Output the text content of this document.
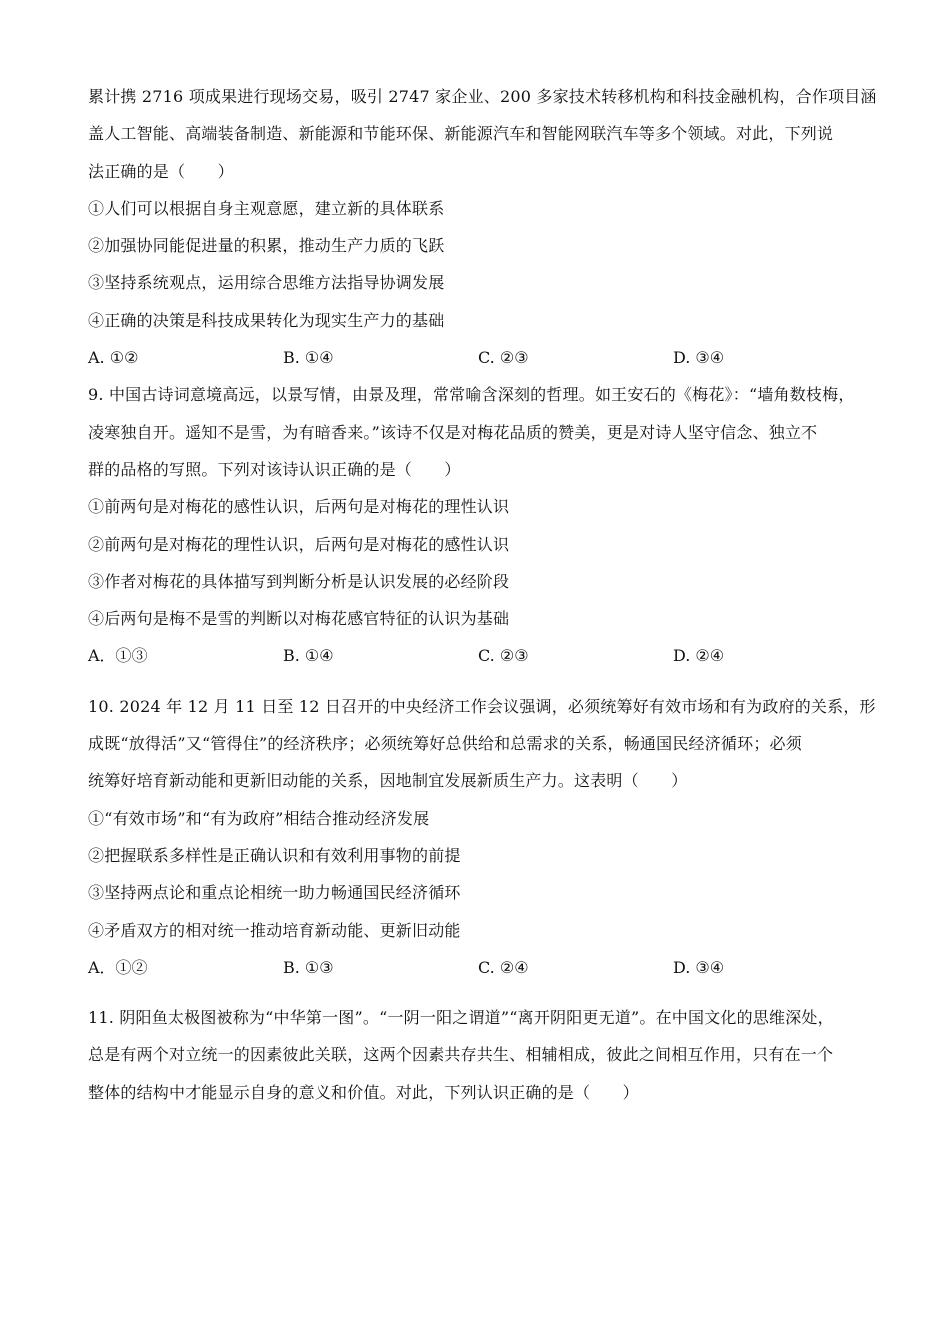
累计携 2716 项成果进行现场交易，吸引 2747 家企业、200 多家技术转移机构和科技金融机构，合作项目涵
盖人工智能、高端装备制造、新能源和节能环保、新能源汽车和智能网联汽车等多个领域。对此，下列说
法正确的是（　　）
①人们可以根据自身主观意愿，建立新的具体联系
②加强协同能促进量的积累，推动生产力质的飞跃
③坚持系统观点，运用综合思维方法指导协调发展
④正确的决策是科技成果转化为现实生产力的基础
A. ①②	B. ①④	C. ②③	D. ③④
9. 中国古诗词意境高远，以景写情，由景及理，常常喻含深刻的哲理。如王安石的《梅花》：“墙角数枝梅，
凌寒独自开。遥知不是雪，为有暗香来。”该诗不仅是对梅花品质的赞美，更是对诗人坚守信念、独立不
群的品格的写照。下列对该诗认识正确的是（　　）
①前两句是对梅花的感性认识，后两句是对梅花的理性认识
②前两句是对梅花的理性认识，后两句是对梅花的感性认识
③作者对梅花的具体描写到判断分析是认识发展的必经阶段
④后两句是梅不是雪的判断以对梅花感官特征的认识为基础
A．①③	B. ①④	C. ②③	D. ②④
10. 2024 年 12 月 11 日至 12 日召开的中央经济工作会议强调，必须统筹好有效市场和有为政府的关系，形
成既“放得活”又“管得住”的经济秩序；必须统筹好总供给和总需求的关系，畅通国民经济循环；必须
统筹好培育新动能和更新旧动能的关系，因地制宜发展新质生产力。这表明（　　）
①“有效市场”和“有为政府”相结合推动经济发展
②把握联系多样性是正确认识和有效利用事物的前提
③坚持两点论和重点论相统一助力畅通国民经济循环
④矛盾双方的相对统一推动培育新动能、更新旧动能
A．①②	B. ①③	C. ②④	D. ③④
11. 阴阳鱼太极图被称为“中华第一图”。“一阴一阳之谓道”“离开阴阳更无道”。在中国文化的思维深处，
总是有两个对立统一的因素彼此关联，这两个因素共存共生、相辅相成，彼此之间相互作用，只有在一个
整体的结构中才能显示自身的意义和价值。对此，下列认识正确的是（　　）
